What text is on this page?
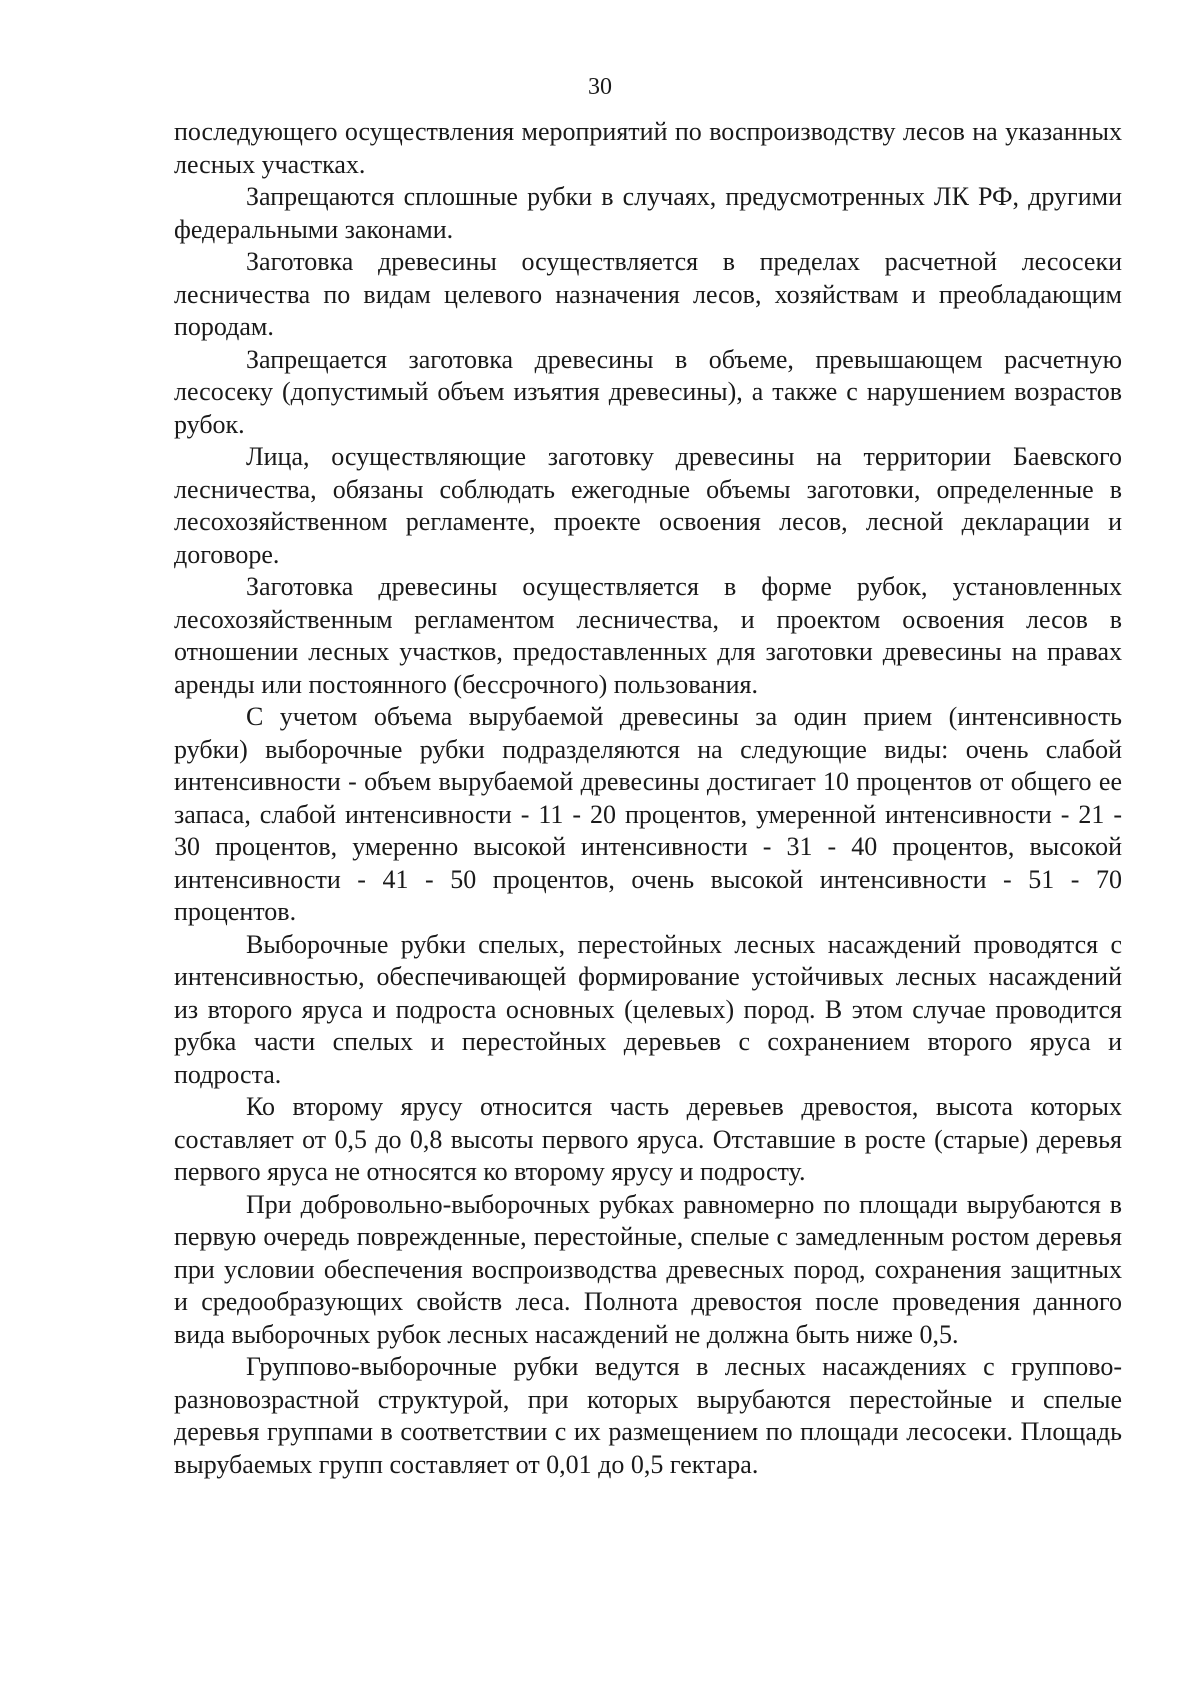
30

последующего осуществления мероприятий по воспроизводству лесов на указанных лесных участках.

Запрещаются сплошные рубки в случаях, предусмотренных ЛК РФ, другими федеральными законами.

Заготовка древесины осуществляется в пределах расчетной лесосеки лесничества по видам целевого назначения лесов, хозяйствам и преобладающим породам.

Запрещается заготовка древесины в объеме, превышающем расчетную лесосеку (допустимый объем изъятия древесины), а также с нарушением возрастов рубок.

Лица, осуществляющие заготовку древесины на территории Баевского лесничества, обязаны соблюдать ежегодные объемы заготовки, определенные в лесохозяйственном регламенте, проекте освоения лесов, лесной декларации и договоре.

Заготовка древесины осуществляется в форме рубок, установленных лесохозяйственным регламентом лесничества, и проектом освоения лесов в отношении лесных участков, предоставленных для заготовки древесины на правах аренды или постоянного (бессрочного) пользования.

С учетом объема вырубаемой древесины за один прием (интенсивность рубки) выборочные рубки подразделяются на следующие виды: очень слабой интенсивности - объем вырубаемой древесины достигает 10 процентов от общего ее запаса, слабой интенсивности - 11 - 20 процентов, умеренной интенсивности - 21 - 30 процентов, умеренно высокой интенсивности - 31 - 40 процентов, высокой интенсивности - 41 - 50 процентов, очень высокой интенсивности - 51 - 70 процентов.

Выборочные рубки спелых, перестойных лесных насаждений проводятся с интенсивностью, обеспечивающей формирование устойчивых лесных насаждений из второго яруса и подроста основных (целевых) пород. В этом случае проводится рубка части спелых и перестойных деревьев с сохранением второго яруса и подроста.

Ко второму ярусу относится часть деревьев древостоя, высота которых составляет от 0,5 до 0,8 высоты первого яруса. Отставшие в росте (старые) деревья первого яруса не относятся ко второму ярусу и подросту.

При добровольно-выборочных рубках равномерно по площади вырубаются в первую очередь поврежденные, перестойные, спелые с замедленным ростом деревья при условии обеспечения воспроизводства древесных пород, сохранения защитных и средообразующих свойств леса. Полнота древостоя после проведения данного вида выборочных рубок лесных насаждений не должна быть ниже 0,5.

Группово-выборочные рубки ведутся в лесных насаждениях с группово-разновозрастной структурой, при которых вырубаются перестойные и спелые деревья группами в соответствии с их размещением по площади лесосеки. Площадь вырубаемых групп составляет от 0,01 до 0,5 гектара.
